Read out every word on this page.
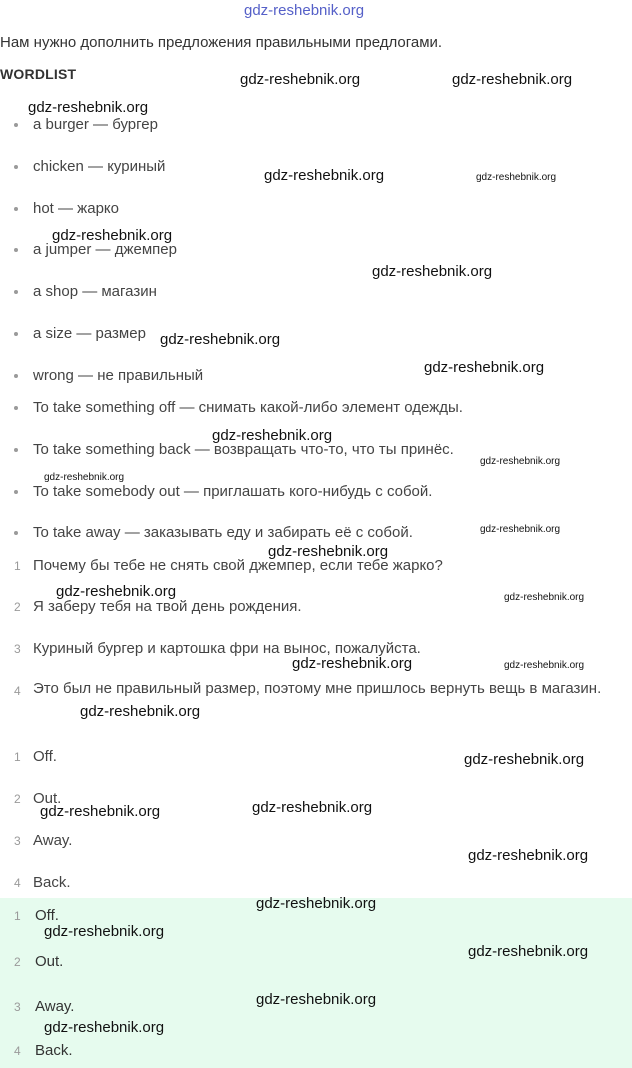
Нам нужно дополнить предложения правильными предлогами.
WORDLIST
a burger — бургер
chicken — куриный
hot — жарко
a jumper — джемпер
a shop — магазин
a size — размер
wrong — не правильный
To take something off — снимать какой-либо элемент одежды.
To take something back — возвращать что-то, что ты принёс.
To take somebody out — приглашать кого-нибудь с собой.
To take away — заказывать еду и забирать её с собой.
1 Почему бы тебе не снять свой джемпер, если тебе жарко?
2 Я заберу тебя на твой день рождения.
3 Куриный бургер и картошка фри на вынос, пожалуйста.
4 Это был не правильный размер, поэтому мне пришлось вернуть вещь в магазин.
1 Off.
2 Out.
3 Away.
4 Back.
1 Off.
2 Out.
3 Away.
4 Back.
gdz-reshebnik.org
gdz-reshebnik.org	gdz-reshebnik.org
gdz-reshebnik.org
gdz-reshebnik.org	gdz-reshebnik.org
gdz-reshebnik.org
gdz-reshebnik.org
gdz-reshebnik.org
gdz-reshebnik.org
gdz-reshebnik.org
gdz-reshebnik.org
gdz-reshebnik.org
gdz-reshebnik.org
gdz-reshebnik.org
gdz-reshebnik.org	gdz-reshebnik.org
gdz-reshebnik.org	gdz-reshebnik.org
gdz-reshebnik.org
gdz-reshebnik.org
gdz-reshebnik.org
gdz-reshebnik.org
gdz-reshebnik.org
gdz-reshebnik.org
gdz-reshebnik.org
gdz-reshebnik.org
gdz-reshebnik.org
gdz-reshebnik.org
